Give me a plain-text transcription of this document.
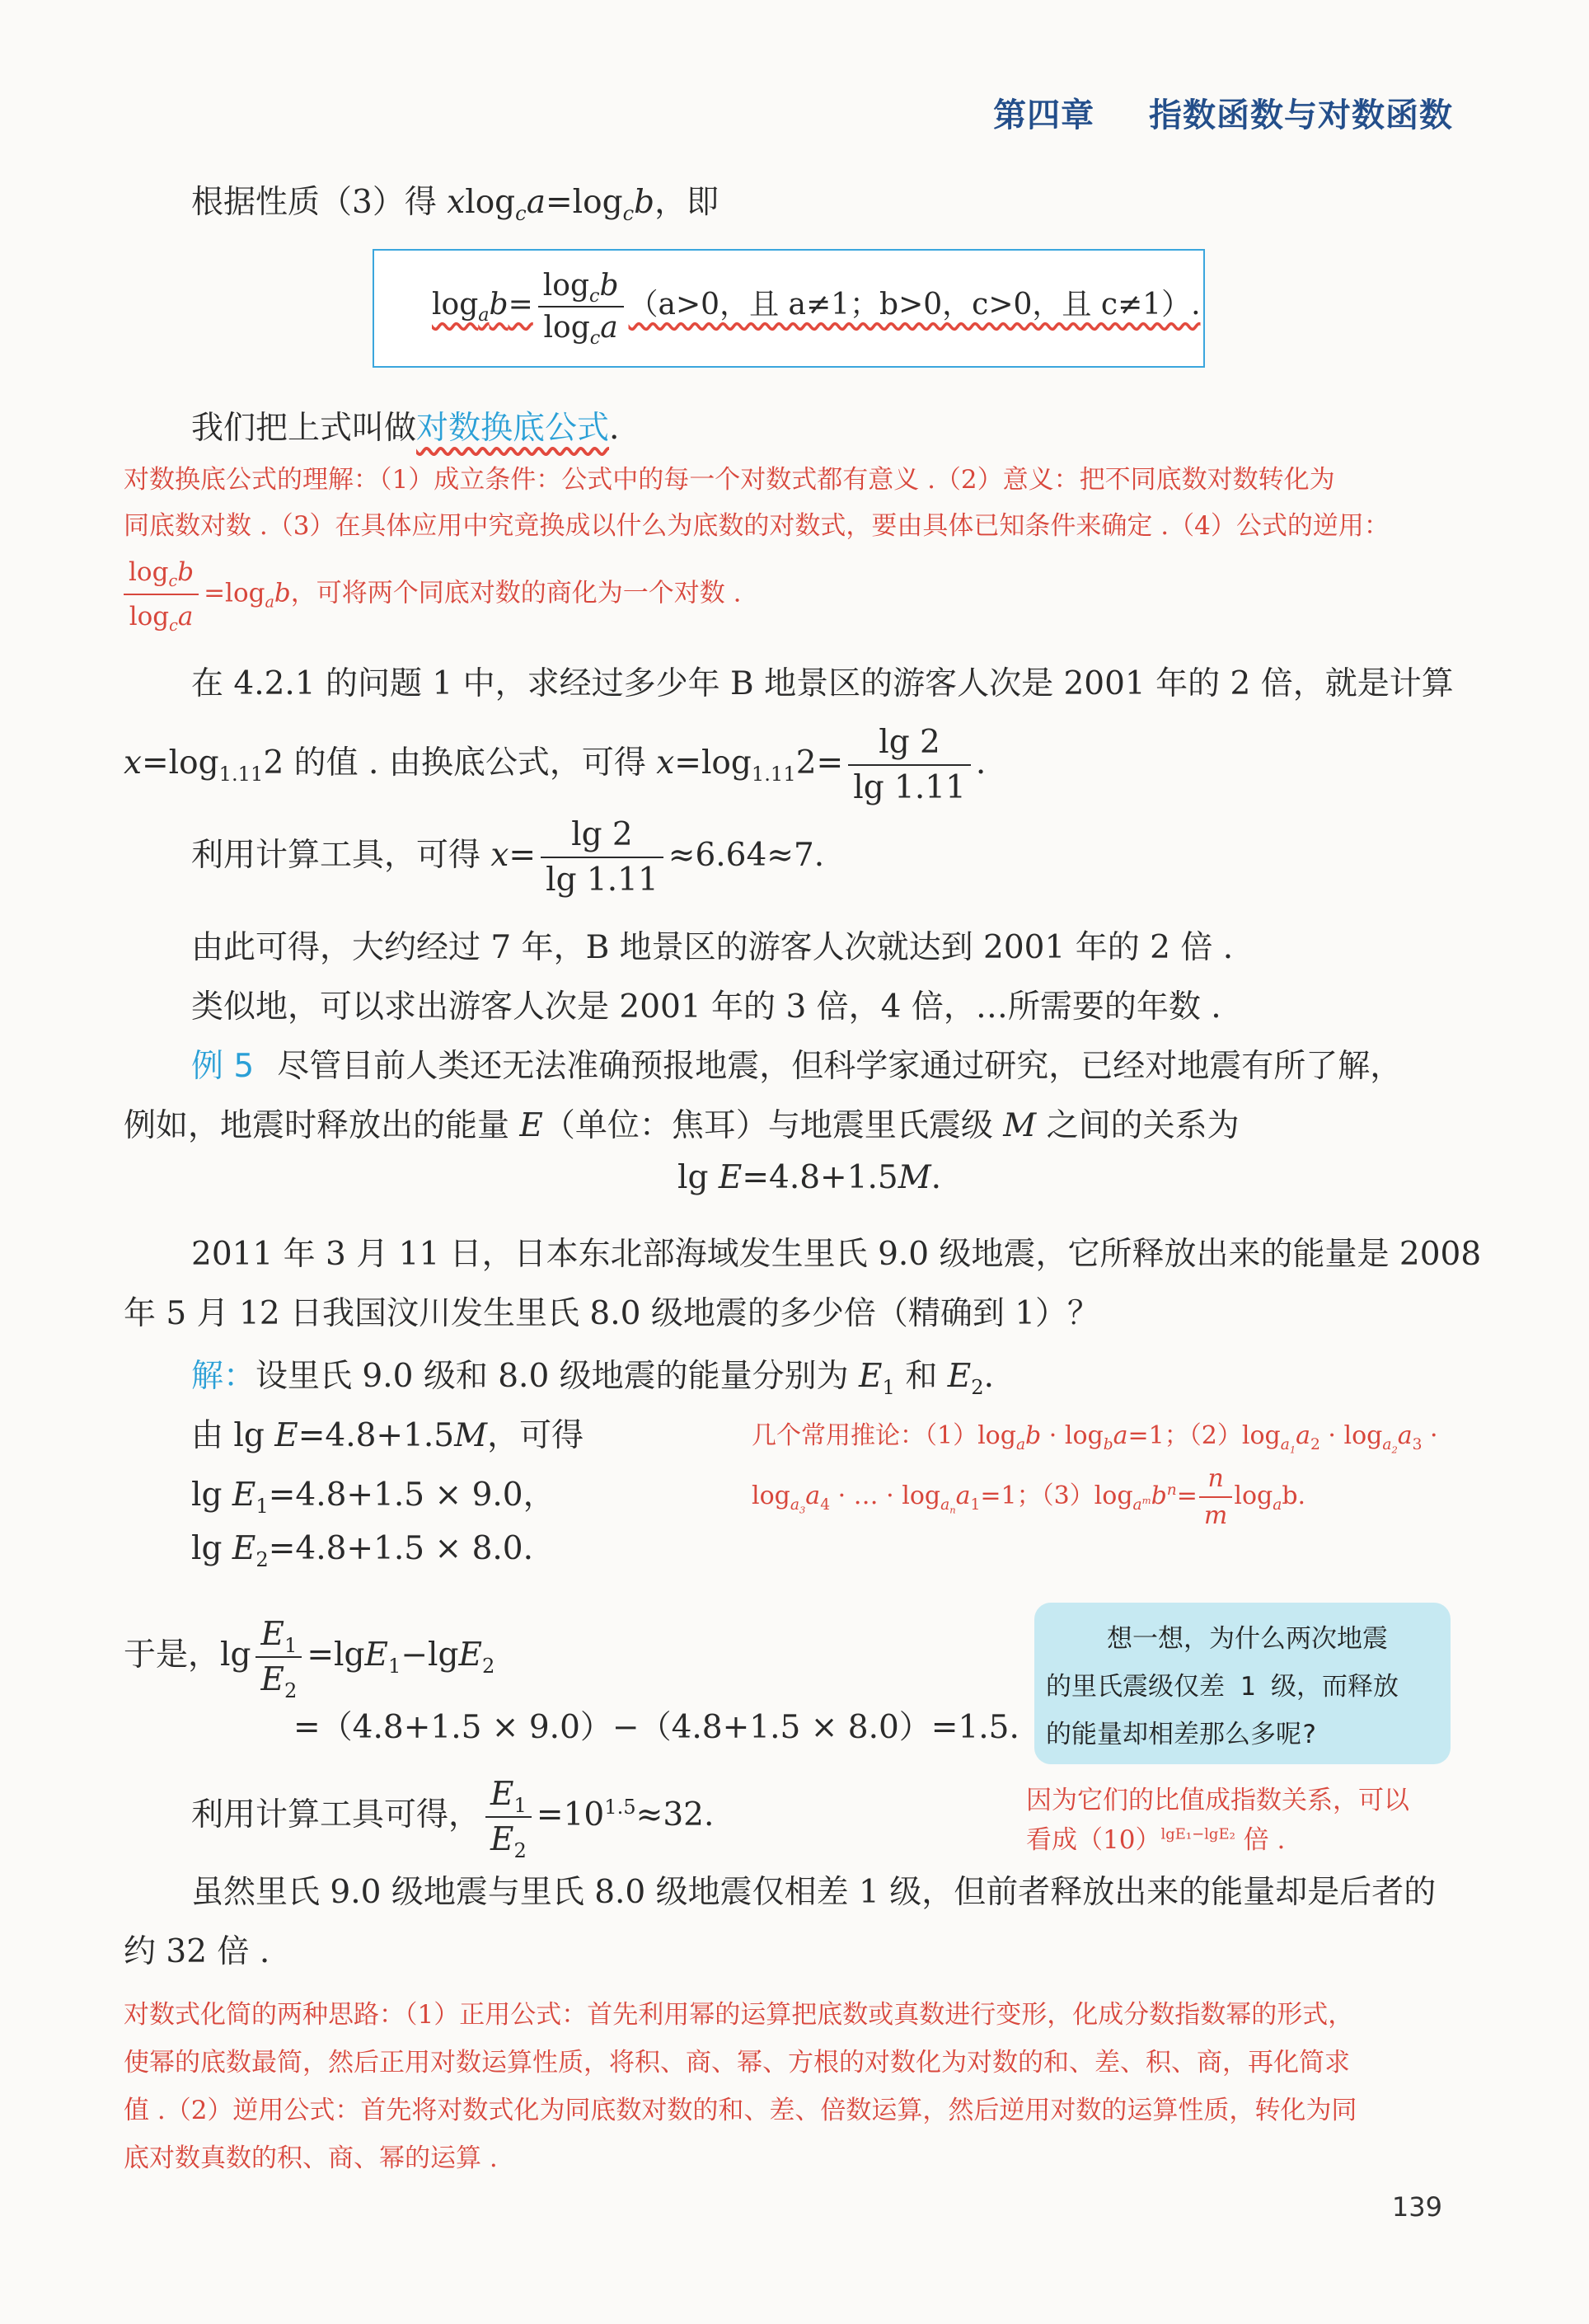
第四章 指数函数与对数函数
根据性质（3）得 $xlog_ca=\log_cb$，即
$\log_ab= \frac{\log_cb}{\log_ca} (a>0$，且 a≠1；b>0，c>0，且 c≠1）.
我们把上式叫做对数换底公式.
对数换底公式的理解：（1）成立条件：公式中的每一个对数式都有意义 .（2）意义：把不同底数对数转化为
同底数对数 .（3）在具体应用中究竟换成以什么为底数的对数式，要由具体已知条件来确定 .（4）公式的逆用：
$\frac{\log_cb}{\log_ca} =\log_ab$，可将两个同底对数的商化为一个对数 .
在 4.2.1 的问题 1 中，求经过多少年 B 地景区的游客人次是 2001 年的 2 倍，就是计算
$x=\log_{1.11}2$ 的值 . 由换底公式，可得 $x=\log_{1.11}2= \frac{\lg 2}{\lg 1.11}$ .
利用计算工具，可得 $x= \frac{\lg 2}{\lg 1.11} \approx 6.64\approx 7$.
由此可得，大约经过 7 年，B 地景区的游客人次就达到 2001 年的 2 倍 .
类似地，可以求出游客人次是 2001 年的 3 倍，4 倍，…所需要的年数 .
例 5 尽管目前人类还无法准确预报地震，但科学家通过研究，已经对地震有所了解，
例如，地震时释放出的能量 E（单位：焦耳）与地震里氏震级 M 之间的关系为
lg E=4.8+1.5M.
2011 年 3 月 11 日，日本东北部海域发生里氏 9.0 级地震，它所释放出来的能量是 2008
年 5 月 12 日我国汶川发生里氏 8.0 级地震的多少倍（精确到 1）？
解：设里氏 9.0 级和 8.0 级地震的能量分别为 $E_1$ 和 $E_2$.
由 lg E=4.8+1.5M，可得
$\lg E_1=4.8+1.5 \times 9.0$，
$\lg E_2=4.8+1.5 \times 8.0$.
几个常用推论：$(1)\log_ab \cdot \log_ba=1$；$(2)\log_{a_1}a_2 \cdot \log_{a_2}a_3$ ·
$\log_{a_3}a_4$ · … · $\log_{a_n}a_1=1$；$(3)\log_{a^m}b^n= \frac{n}{m} \log_ab$.
于是，$\lg \frac{E_1}{E_2} =\lg E_1-\lg E_2$
=（4.8+1.5 × 9.0）−（4.8+1.5 × 8.0）=1.5.
想一想，为什么两次地震
的里氏震级仅差 1 级，而释放
的能量却相差那么多呢?
因为它们的比值成指数关系，可以
看成$(10)^{lgE_1-lgE_2}$ 倍 .
利用计算工具可得， $\frac{E_1}{E_2} =10^{1.5}\approx 32$.
虽然里氏 9.0 级地震与里氏 8.0 级地震仅相差 1 级，但前者释放出来的能量却是后者的
约 32 倍 .
对数式化简的两种思路：（1）正用公式：首先利用幂的运算把底数或真数进行变形，化成分数指数幂的形式，
使幂的底数最简，然后正用对数运算性质，将积、商、幂、方根的对数化为对数的和、差、积、商，再化简求
值 .（2）逆用公式：首先将对数式化为同底数对数的和、差、倍数运算，然后逆用对数的运算性质，转化为同
底对数真数的积、商、幂的运算 .
139
